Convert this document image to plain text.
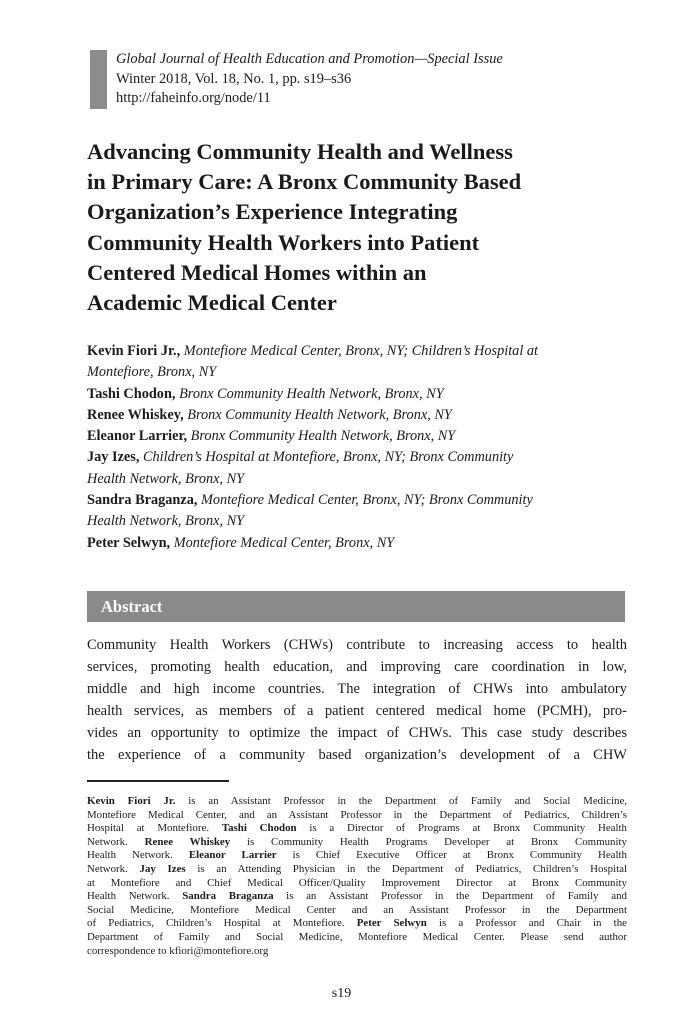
Global Journal of Health Education and Promotion—Special Issue
Winter 2018, Vol. 18, No. 1, pp. s19–s36
http://faheinfo.org/node/11
Advancing Community Health and Wellness
in Primary Care: A Bronx Community Based
Organization’s Experience Integrating
Community Health Workers into Patient
Centered Medical Homes within an
Academic Medical Center
Kevin Fiori Jr., Montefiore Medical Center, Bronx, NY; Children’s Hospital at
Montefiore, Bronx, NY
Tashi Chodon, Bronx Community Health Network, Bronx, NY
Renee Whiskey, Bronx Community Health Network, Bronx, NY
Eleanor Larrier, Bronx Community Health Network, Bronx, NY
Jay Izes, Children’s Hospital at Montefiore, Bronx, NY; Bronx Community
Health Network, Bronx, NY
Sandra Braganza, Montefiore Medical Center, Bronx, NY; Bronx Community
Health Network, Bronx, NY
Peter Selwyn, Montefiore Medical Center, Bronx, NY
Abstract
Community Health Workers (CHWs) contribute to increasing access to health
services, promoting health education, and improving care coordination in low,
middle and high income countries. The integration of CHWs into ambulatory
health services, as members of a patient centered medical home (PCMH), pro-
vides an opportunity to optimize the impact of CHWs. This case study describes
the experience of a community based organization’s development of a CHW
Kevin Fiori Jr. is an Assistant Professor in the Department of Family and Social Medicine,
Montefiore Medical Center, and an Assistant Professor in the Department of Pediatrics, Children’s
Hospital at Montefiore. Tashi Chodon is a Director of Programs at Bronx Community Health
Network. Renee Whiskey is Community Health Programs Developer at Bronx Community
Health Network. Eleanor Larrier is Chief Executive Officer at Bronx Community Health
Network. Jay Izes is an Attending Physician in the Department of Pediatrics, Children’s Hospital
at Montefiore and Chief Medical Officer/Quality Improvement Director at Bronx Community
Health Network. Sandra Braganza is an Assistant Professor in the Department of Family and
Social Medicine, Montefiore Medical Center and an Assistant Professor in the Department
of Pediatrics, Children’s Hospital at Montefiore. Peter Selwyn is a Professor and Chair in the
Department of Family and Social Medicine, Montefiore Medical Center. Please send author
correspondence to kfiori@montefiore.org
s19
